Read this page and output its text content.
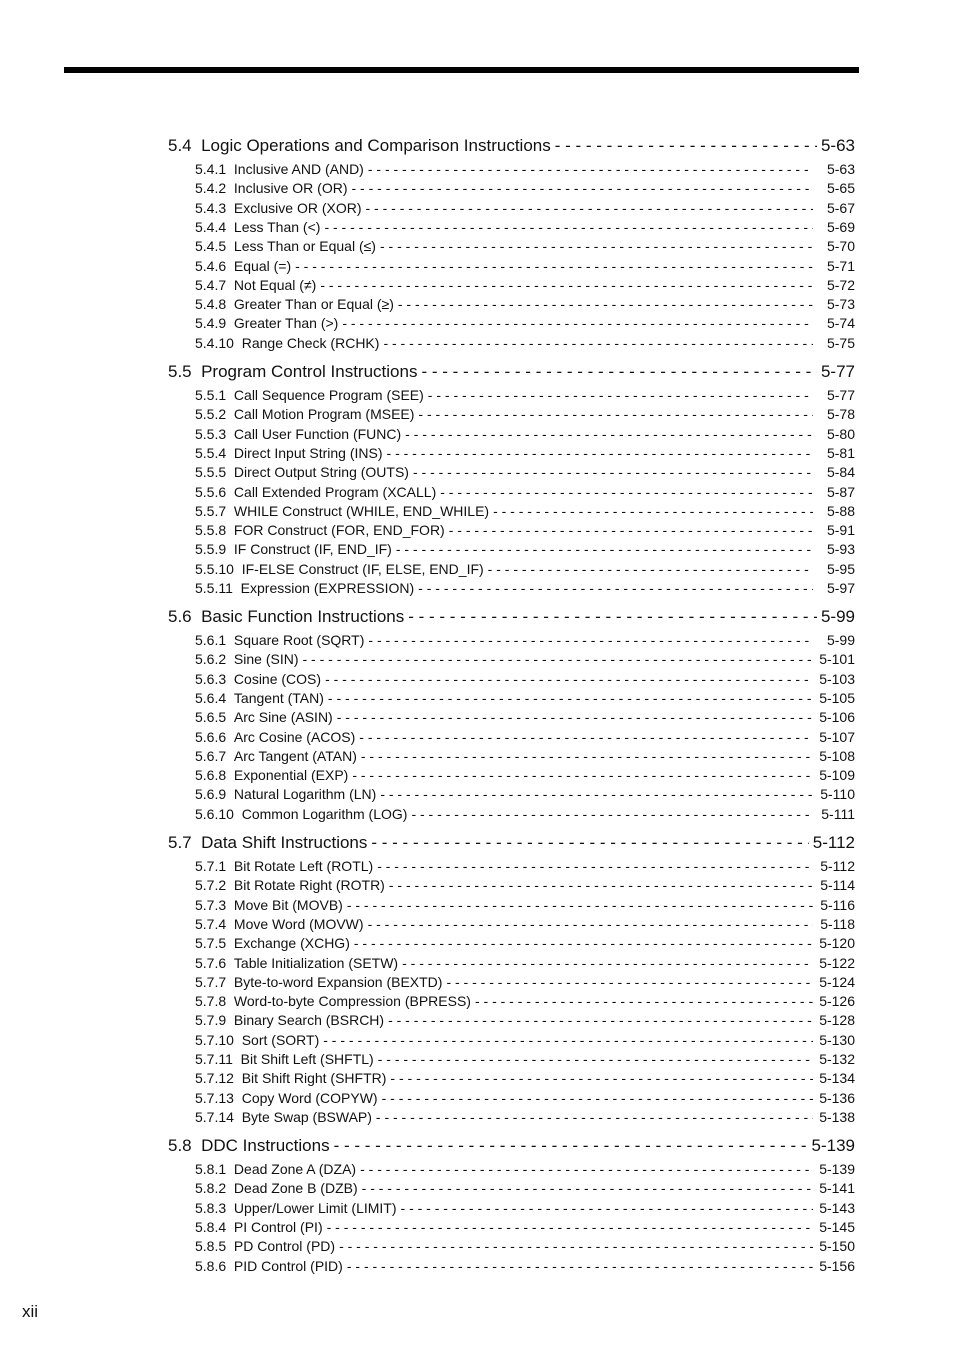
5.4 Logic Operations and Comparison Instructions - - -	5-63
5.4.1 Inclusive AND (AND) - - -	5-63
5.4.2 Inclusive OR (OR) - - -	5-65
5.4.3 Exclusive OR (XOR) - - -	5-67
5.4.4 Less Than (<) - - -	5-69
5.4.5 Less Than or Equal (≤) - - -	5-70
5.4.6 Equal (=) - - -	5-71
5.4.7 Not Equal (≠) - - -	5-72
5.4.8 Greater Than or Equal (≥) - - -	5-73
5.4.9 Greater Than (>) - - -	5-74
5.4.10 Range Check (RCHK) - - -	5-75
5.5 Program Control Instructions - - -	5-77
5.5.1 Call Sequence Program (SEE) - - -	5-77
5.5.2 Call Motion Program (MSEE) - - -	5-78
5.5.3 Call User Function (FUNC) - - -	5-80
5.5.4 Direct Input String (INS) - - -	5-81
5.5.5 Direct Output String (OUTS) - - -	5-84
5.5.6 Call Extended Program (XCALL) - - -	5-87
5.5.7 WHILE Construct (WHILE, END_WHILE) - - -	5-88
5.5.8 FOR Construct (FOR, END_FOR) - - -	5-91
5.5.9 IF Construct (IF, END_IF) - - -	5-93
5.5.10 IF-ELSE Construct (IF, ELSE, END_IF) - - -	5-95
5.5.11 Expression (EXPRESSION) - - -	5-97
5.6 Basic Function Instructions - - -	5-99
5.6.1 Square Root (SQRT) - - -	5-99
5.6.2 Sine (SIN) - - -	5-101
5.6.3 Cosine (COS) - - -	5-103
5.6.4 Tangent (TAN) - - -	5-105
5.6.5 Arc Sine (ASIN) - - -	5-106
5.6.6 Arc Cosine (ACOS) - - -	5-107
5.6.7 Arc Tangent (ATAN) - - -	5-108
5.6.8 Exponential (EXP) - - -	5-109
5.6.9 Natural Logarithm (LN) - - -	5-110
5.6.10 Common Logarithm (LOG) - - -	5-111
5.7 Data Shift Instructions - - -	5-112
5.7.1 Bit Rotate Left (ROTL) - - -	5-112
5.7.2 Bit Rotate Right (ROTR) - - -	5-114
5.7.3 Move Bit (MOVB) - - -	5-116
5.7.4 Move Word (MOVW) - - -	5-118
5.7.5 Exchange (XCHG) - - -	5-120
5.7.6 Table Initialization (SETW) - - -	5-122
5.7.7 Byte-to-word Expansion (BEXTD) - - -	5-124
5.7.8 Word-to-byte Compression (BPRESS) - - -	5-126
5.7.9 Binary Search (BSRCH) - - -	5-128
5.7.10 Sort (SORT) - - -	5-130
5.7.11 Bit Shift Left (SHFTL) - - -	5-132
5.7.12 Bit Shift Right (SHFTR) - - -	5-134
5.7.13 Copy Word (COPYW) - - -	5-136
5.7.14 Byte Swap (BSWAP) - - -	5-138
5.8 DDC Instructions - - -	5-139
5.8.1 Dead Zone A (DZA) - - -	5-139
5.8.2 Dead Zone B (DZB) - - -	5-141
5.8.3 Upper/Lower Limit (LIMIT) - - -	5-143
5.8.4 PI Control (PI) - - -	5-145
5.8.5 PD Control (PD) - - -	5-150
5.8.6 PID Control (PID) - - -	5-156
xii
